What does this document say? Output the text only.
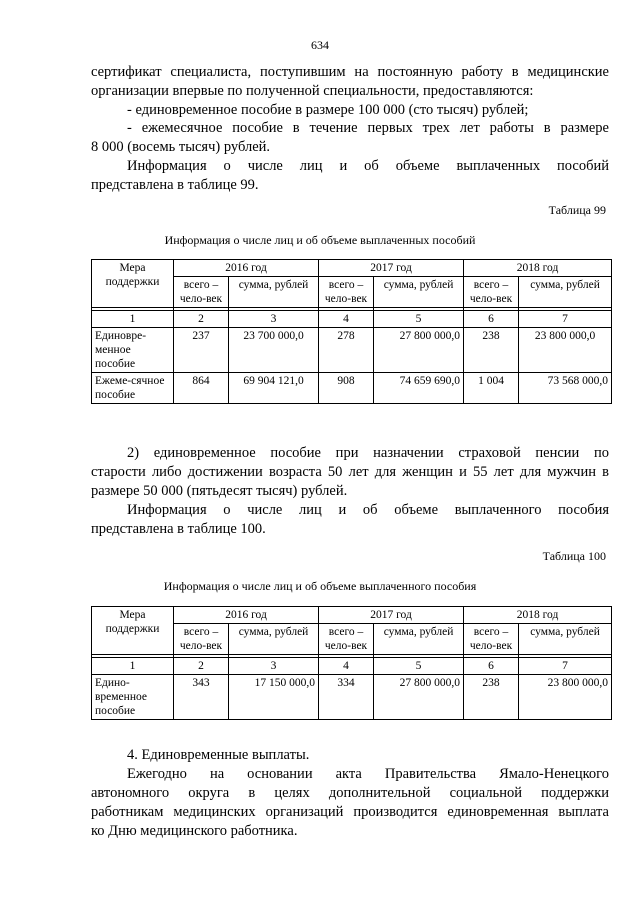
634
сертификат специалиста, поступившим на постоянную работу в медицинские
организации впервые по полученной специальности, предоставляются:
- единовременное пособие в размере 100 000 (сто тысяч) рублей;
- ежемесячное пособие в течение первых трех лет работы в размере
8 000 (восемь тысяч) рублей.
Информация о числе лиц и об объеме выплаченных пособий
представлена в таблице 99.
Таблица 99
Информация о числе лиц и об объеме выплаченных пособий
Мера поддержки	2016 год		2017 год		2018 год	
	всего – чело-век	сумма, рублей	всего – чело-век	сумма, рублей	всего – чело-век	сумма, рублей

1	2	3	4	5	6	7
Единовре-менное пособие	237	23 700 000,0	278	27 800 000,0	238	23 800 000,0
Ежеме-сячное пособие	864	69 904 121,0	908	74 659 690,0	1 004	73 568 000,0
2) единовременное пособие при назначении страховой пенсии по
старости либо достижении возраста 50 лет для женщин и 55 лет для мужчин в
размере 50 000 (пятьдесят тысяч) рублей.
Информация о числе лиц и об объеме выплаченного пособия
представлена в таблице 100.
Таблица 100
Информация о числе лиц и об объеме выплаченного пособия
Мера поддержки	2016 год		2017 год		2018 год	
	всего – чело-век	сумма, рублей	всего – чело-век	сумма, рублей	всего – чело-век	сумма, рублей

1	2	3	4	5	6	7
Едино-временное пособие	343	17 150 000,0	334	27 800 000,0	238	23 800 000,0
4. Единовременные выплаты.
Ежегодно на основании акта Правительства Ямало-Ненецкого
автономного округа в целях дополнительной социальной поддержки
работникам медицинских организаций производится единовременная выплата
ко Дню медицинского работника.
